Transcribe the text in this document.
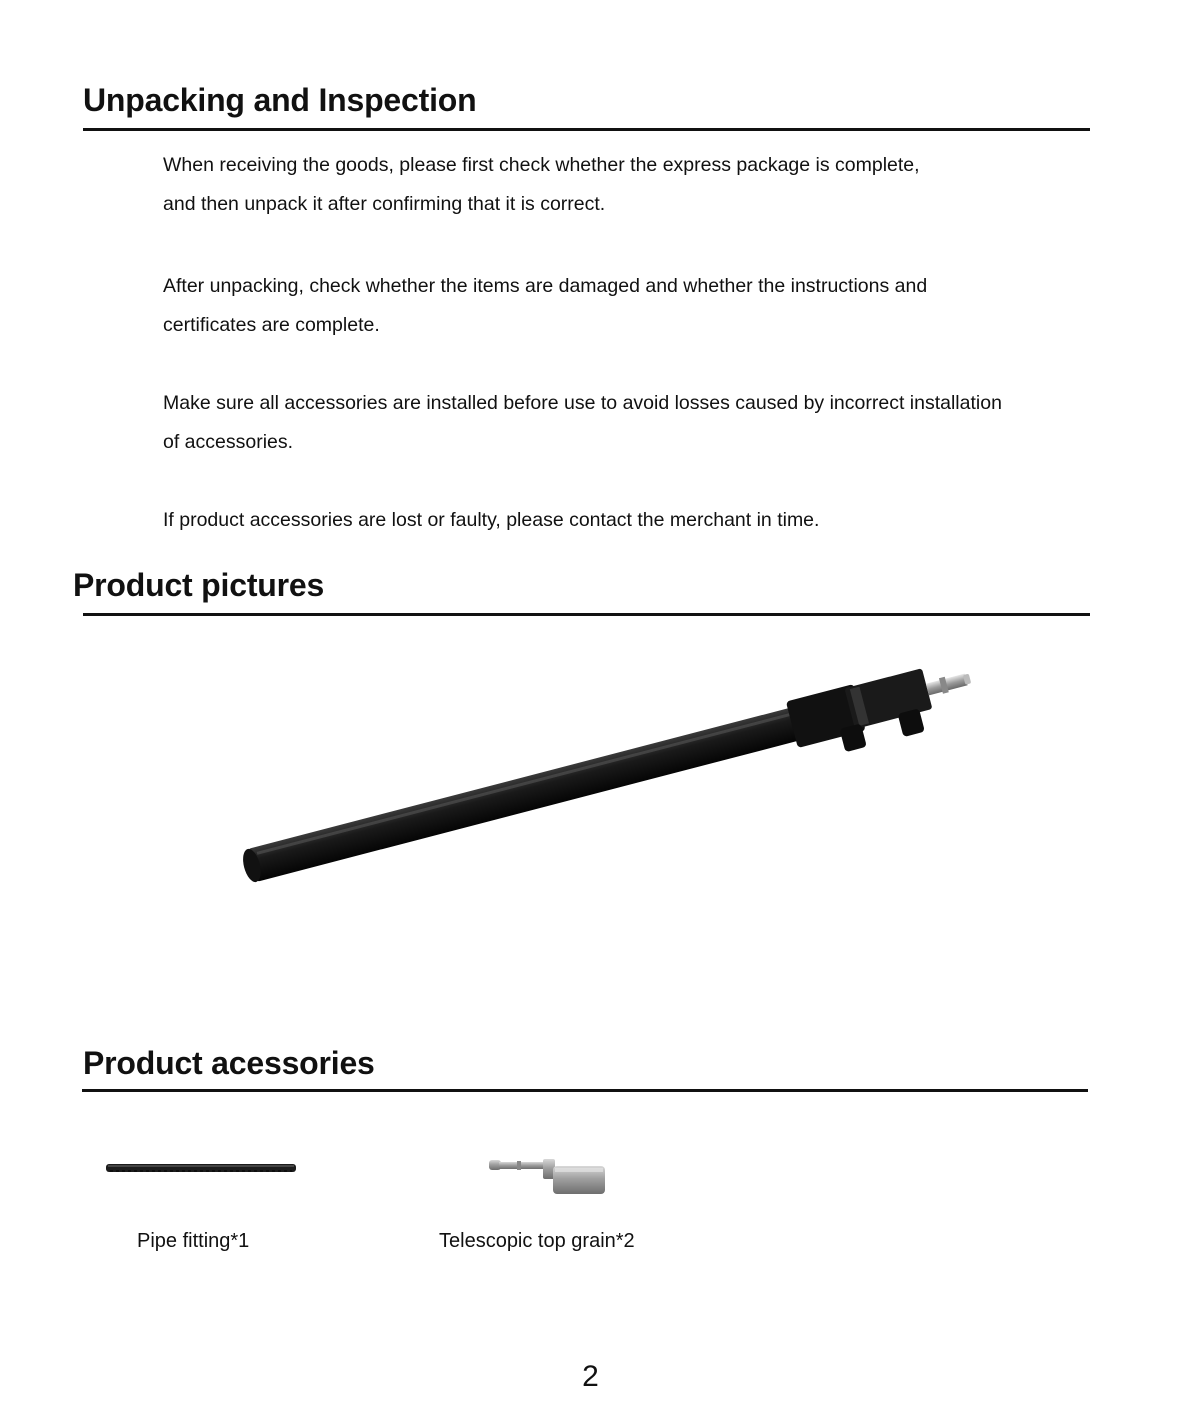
Unpacking and Inspection

When receiving the goods, please first check whether the express package is complete,
and then unpack it after confirming that it is correct.

After unpacking, check whether the items are damaged and whether the instructions and
certificates are complete.

Make sure all accessories are installed before use to avoid losses caused by incorrect installation
of accessories.

If product accessories are lost or faulty, please contact the merchant in time.

Product pictures
Product acessories
Pipe fitting*1	Telescopic top grain*2
2
